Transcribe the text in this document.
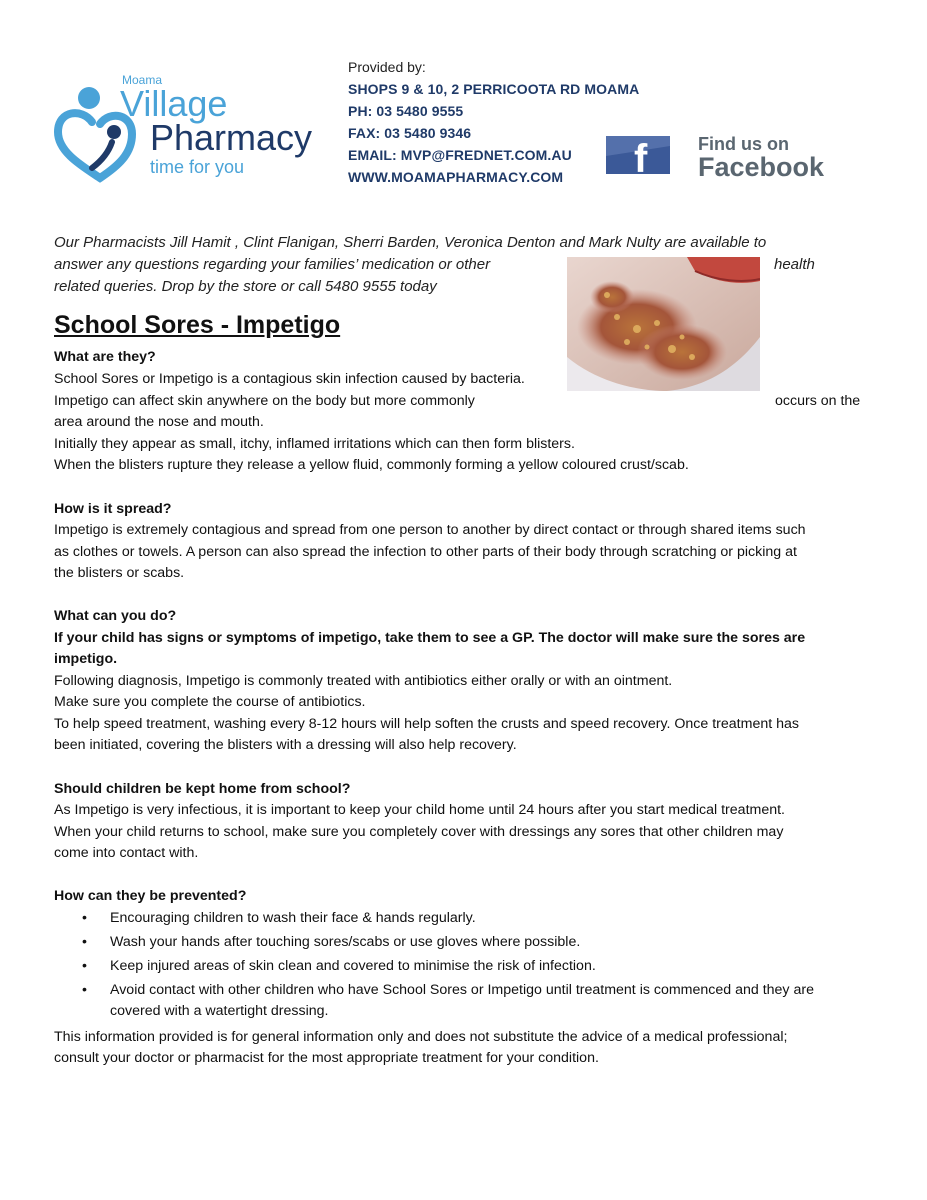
Moama
Village
Pharmacy
time for you
Provided by:
SHOPS 9 & 10, 2 PERRICOOTA RD MOAMA
PH: 03 5480 9555
FAX: 03 5480 9346
EMAIL: MVP@FREDNET.COM.AU
WWW.MOAMAPHARMACY.COM	f	Find us on
Facebook
Our Pharmacists Jill Hamit , Clint Flanigan, Sherri Barden, Veronica Denton and Mark Nulty are available to
answer any questions regarding your families’ medication or other	health
related queries. Drop by the store or call 5480 9555 today
School Sores - Impetigo
What are they?
School Sores or Impetigo is a contagious skin infection caused by bacteria.
Impetigo can affect skin anywhere on the body but more commonly	occurs on the
area around the nose and mouth.
Initially they appear as small, itchy, inflamed irritations which can then form blisters.
When the blisters rupture they release a yellow fluid, commonly forming a yellow coloured crust/scab.
How is it spread?
Impetigo is extremely contagious and spread from one person to another by direct contact or through shared items such
as clothes or towels. A person can also spread the infection to other parts of their body through scratching or picking at
the blisters or scabs.
What can you do?
If your child has signs or symptoms of impetigo, take them to see a GP. The doctor will make sure the sores are
impetigo.
Following diagnosis, Impetigo is commonly treated with antibiotics either orally or with an ointment.
Make sure you complete the course of antibiotics.
To help speed treatment, washing every 8-12 hours will help soften the crusts and speed recovery. Once treatment has
been initiated, covering the blisters with a dressing will also help recovery.
Should children be kept home from school?
As Impetigo is very infectious, it is important to keep your child home until 24 hours after you start medical treatment.
When your child returns to school, make sure you completely cover with dressings any sores that other children may
come into contact with.
How can they be prevented?
• Encouraging children to wash their face & hands regularly.
• Wash your hands after touching sores/scabs or use gloves where possible.
• Keep injured areas of skin clean and covered to minimise the risk of infection.
• Avoid contact with other children who have School Sores or Impetigo until treatment is commenced and they are covered with a watertight dressing.
This information provided is for general information only and does not substitute the advice of a medical professional;
consult your doctor or pharmacist for the most appropriate treatment for your condition.
